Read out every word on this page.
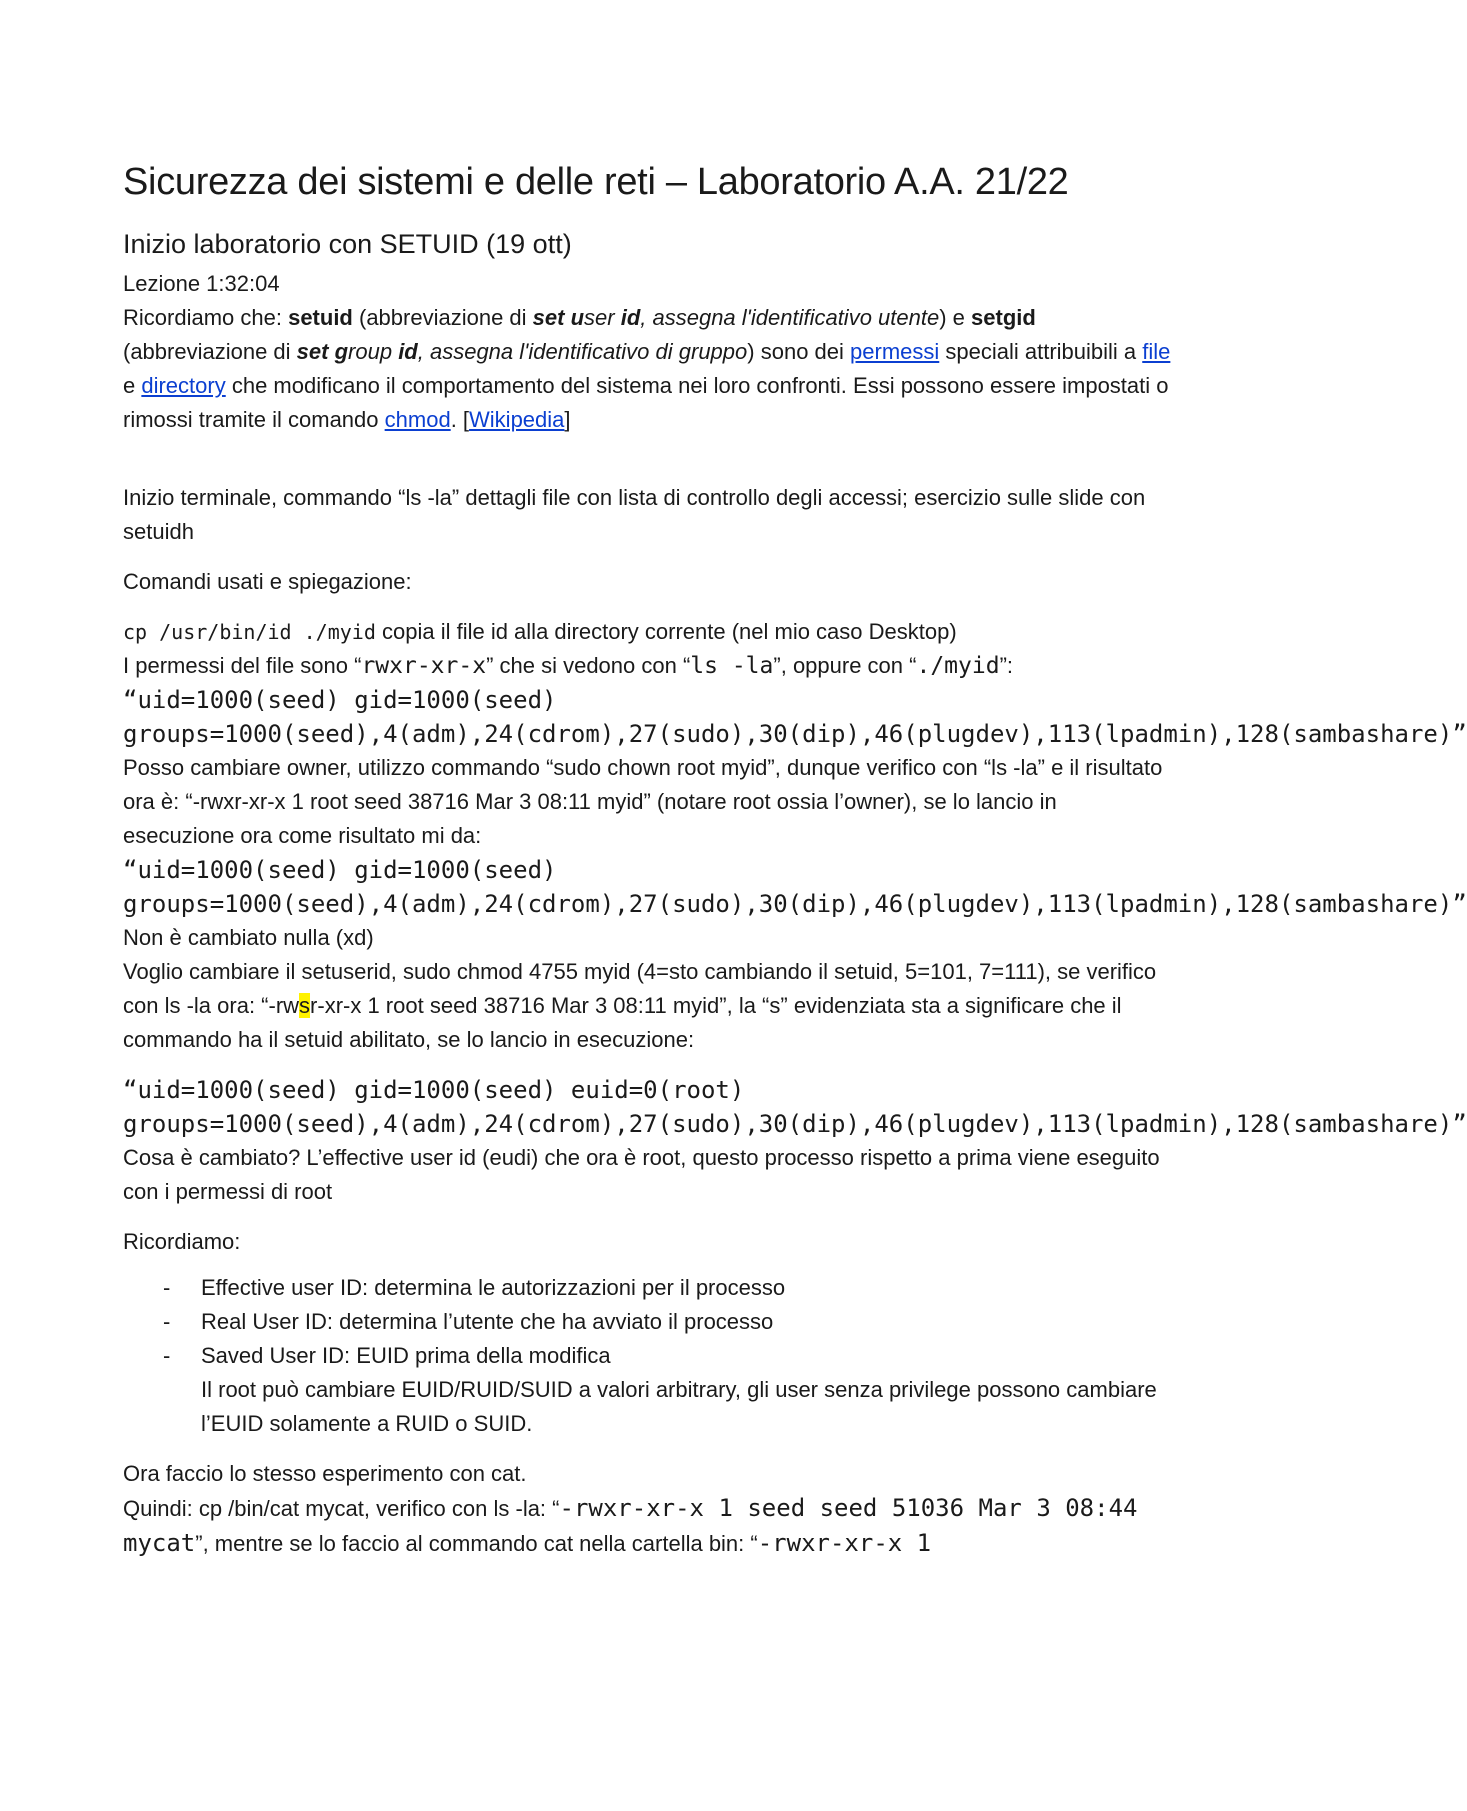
Sicurezza dei sistemi e delle reti – Laboratorio A.A. 21/22
Inizio laboratorio con SETUID (19 ott)

Lezione 1:32:04

Ricordiamo che: setuid (abbreviazione di set user id, assegna l'identificativo utente) e setgid (abbreviazione di set group id, assegna l'identificativo di gruppo) sono dei permessi speciali attribuibili a file e directory che modificano il comportamento del sistema nei loro confronti. Essi possono essere impostati o rimossi tramite il comando chmod. [Wikipedia]

Inizio terminale, commando “ls -la” dettagli file con lista di controllo degli accessi; esercizio sulle slide con setuidh

Comandi usati e spiegazione:

cp /usr/bin/id ./myid copia il file id alla directory corrente (nel mio caso Desktop)

I permessi del file sono “rwxr-xr-x” che si vedono con “ls -la”, oppure con “./myid”:

“uid=1000(seed) gid=1000(seed) groups=1000(seed),4(adm),24(cdrom),27(sudo),30(dip),46(plugdev),113(lpadmin),128(sambashare)”

Posso cambiare owner, utilizzo commando “sudo chown root myid”, dunque verifico con “ls -la” e il risultato ora è: “-rwxr-xr-x 1 root seed 38716 Mar 3 08:11 myid” (notare root ossia l’owner), se lo lancio in esecuzione ora come risultato mi da:

“uid=1000(seed) gid=1000(seed) groups=1000(seed),4(adm),24(cdrom),27(sudo),30(dip),46(plugdev),113(lpadmin),128(sambashare)”

Non è cambiato nulla (xd)

Voglio cambiare il setuserid, sudo chmod 4755 myid (4=sto cambiando il setuid, 5=101, 7=111), se verifico con ls -la ora: “-rwsr-xr-x 1 root seed 38716 Mar 3 08:11 myid”, la “s” evidenziata sta a significare che il commando ha il setuid abilitato, se lo lancio in esecuzione:

“uid=1000(seed) gid=1000(seed) euid=0(root) groups=1000(seed),4(adm),24(cdrom),27(sudo),30(dip),46(plugdev),113(lpadmin),128(sambashare)”

Cosa è cambiato? L’effective user id (eudi) che ora è root, questo processo rispetto a prima viene eseguito con i permessi di root

Ricordiamo:

- Effective user ID: determina le autorizzazioni per il processo
- Real User ID: determina l’utente che ha avviato il processo
- Saved User ID: EUID prima della modifica
Il root può cambiare EUID/RUID/SUID a valori arbitrary, gli user senza privilege possono cambiare l’EUID solamente a RUID o SUID.

Ora faccio lo stesso esperimento con cat.

Quindi: cp /bin/cat mycat, verifico con ls -la: “-rwxr-xr-x 1 seed seed 51036 Mar 3 08:44 mycat”, mentre se lo faccio al commando cat nella cartella bin: “-rwxr-xr-x 1
